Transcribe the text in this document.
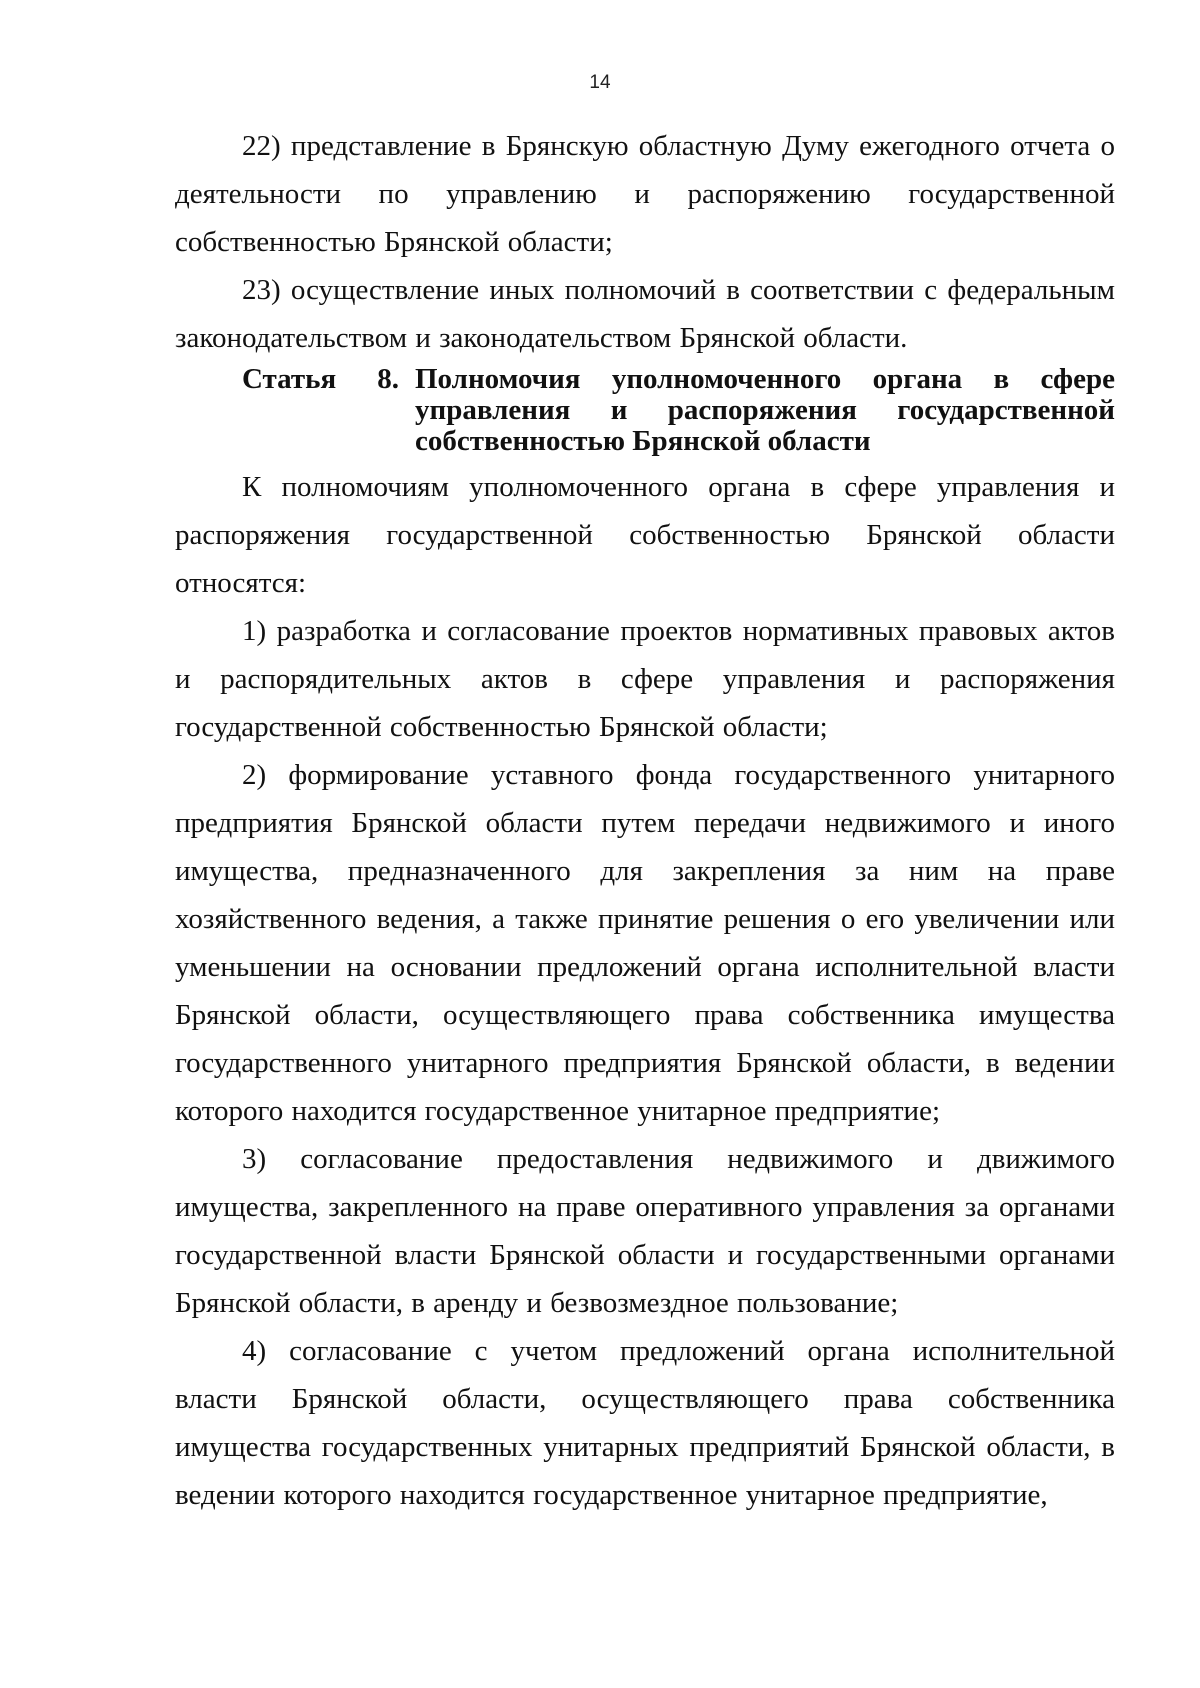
14

22) представление в Брянскую областную Думу ежегодного отчета о деятельности по управлению и распоряжению государственной собственностью Брянской области;

23) осуществление иных полномочий в соответствии с федеральным законодательством и законодательством Брянской области.

Статья 8. Полномочия уполномоченного органа в сфере
управления и распоряжения государственной
собственностью Брянской области

К полномочиям уполномоченного органа в сфере управления и распоряжения государственной собственностью Брянской области относятся:

1) разработка и согласование проектов нормативных правовых актов и распорядительных актов в сфере управления и распоряжения государственной собственностью Брянской области;

2) формирование уставного фонда государственного унитарного предприятия Брянской области путем передачи недвижимого и иного имущества, предназначенного для закрепления за ним на праве хозяйственного ведения, а также принятие решения о его увеличении или уменьшении на основании предложений органа исполнительной власти Брянской области, осуществляющего права собственника имущества государственного унитарного предприятия Брянской области, в ведении которого находится государственное унитарное предприятие;

3) согласование предоставления недвижимого и движимого имущества, закрепленного на праве оперативного управления за органами государственной власти Брянской области и государственными органами Брянской области, в аренду и безвозмездное пользование;

4) согласование с учетом предложений органа исполнительной власти Брянской области, осуществляющего права собственника имущества государственных унитарных предприятий Брянской области, в ведении которого находится государственное унитарное предприятие,
